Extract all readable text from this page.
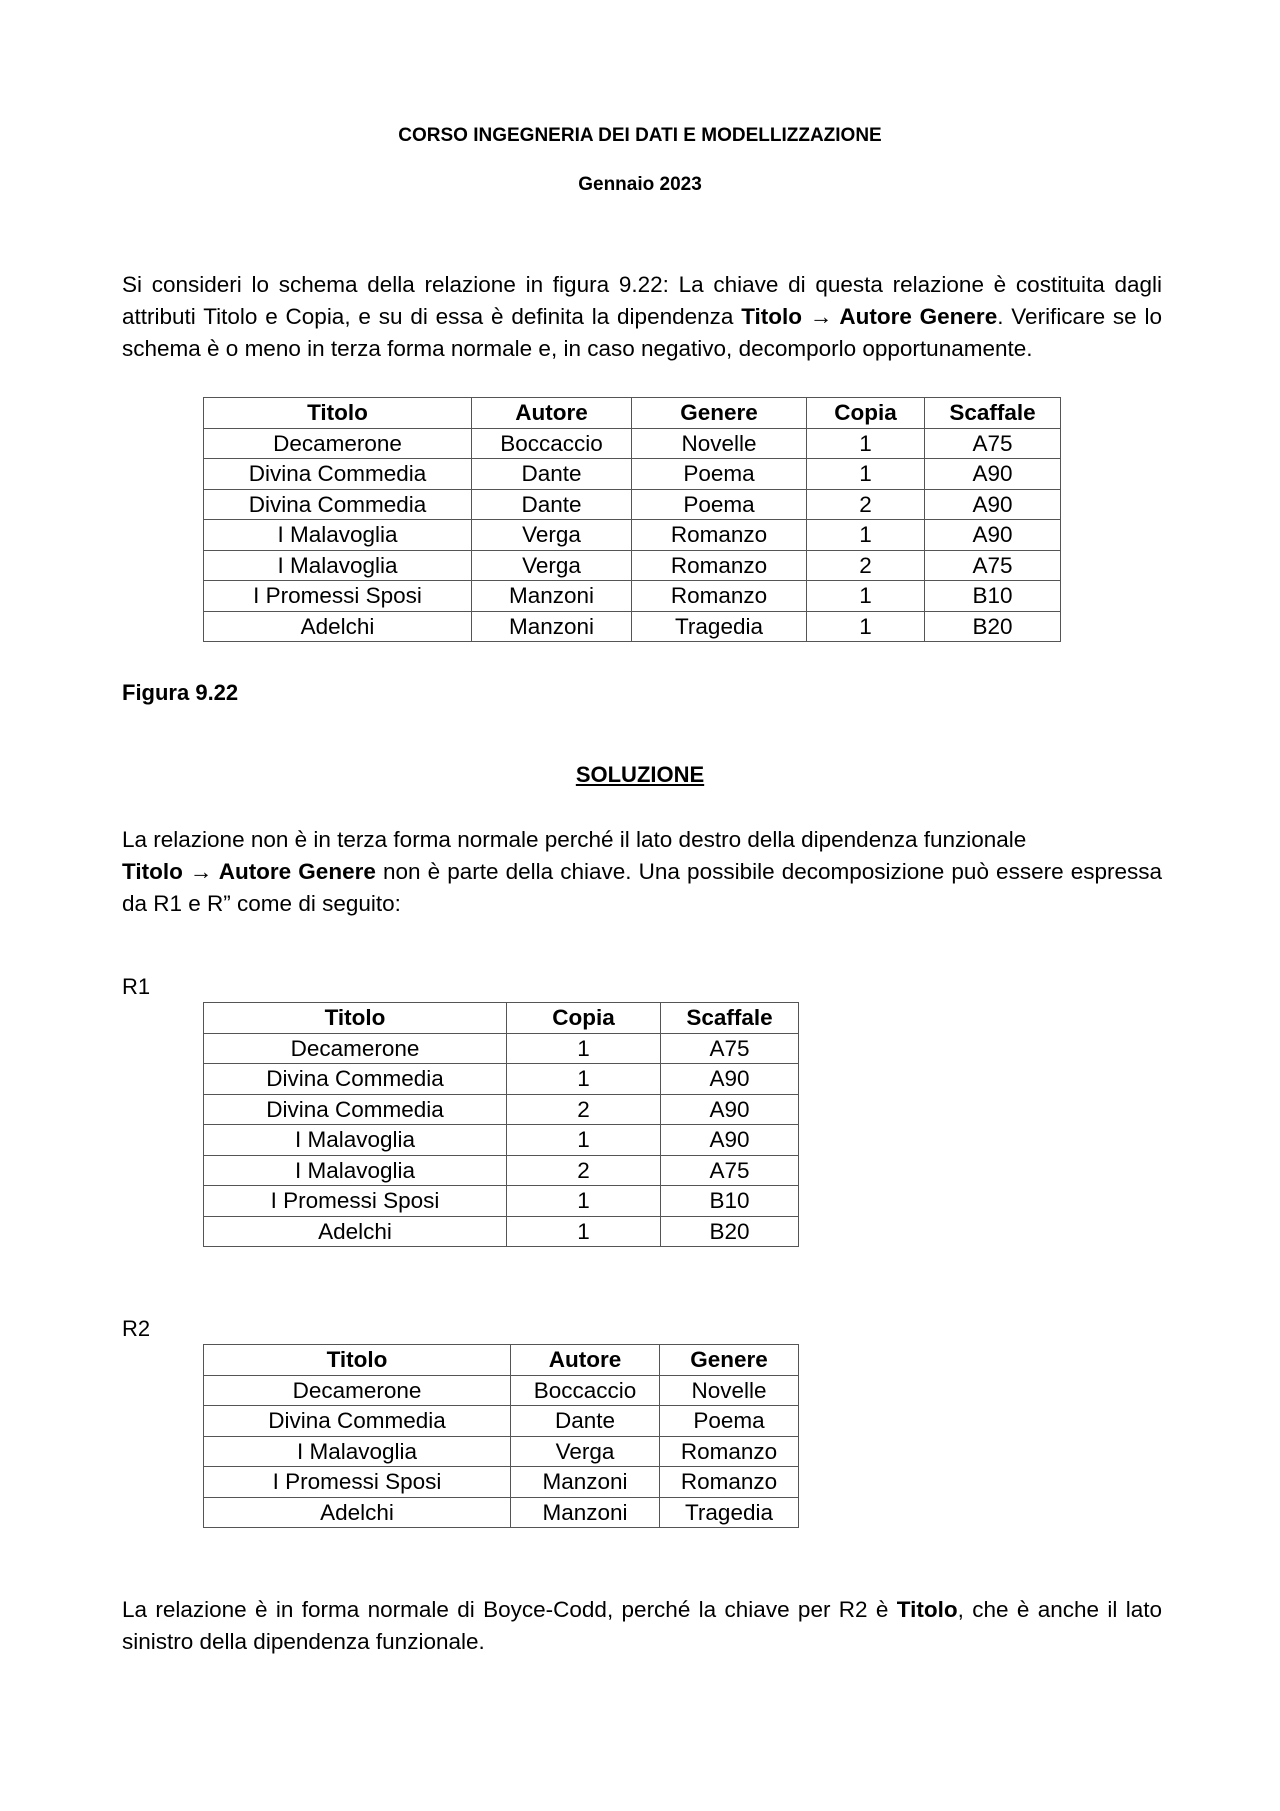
CORSO INGEGNERIA DEI DATI E MODELLIZZAZIONE
Gennaio 2023
Si consideri lo schema della relazione in figura 9.22: La chiave di questa relazione è costituita dagli attributi Titolo e Copia, e su di essa è definita la dipendenza Titolo → Autore Genere. Verificare se lo schema è o meno in terza forma normale e, in caso negativo, decomporlo opportunamente.
Titolo	Autore	Genere	Copia	Scaffale
Decamerone	Boccaccio	Novelle	1	A75
Divina Commedia	Dante	Poema	1	A90
Divina Commedia	Dante	Poema	2	A90
I Malavoglia	Verga	Romanzo	1	A90
I Malavoglia	Verga	Romanzo	2	A75
I Promessi Sposi	Manzoni	Romanzo	1	B10
Adelchi	Manzoni	Tragedia	1	B20
Figura 9.22
SOLUZIONE
La relazione non è in terza forma normale perché il lato destro della dipendenza funzionale
Titolo → Autore Genere non è parte della chiave. Una possibile decomposizione può essere espressa da R1 e R” come di seguito:
R1
Titolo	Copia	Scaffale
Decamerone	1	A75
Divina Commedia	1	A90
Divina Commedia	2	A90
I Malavoglia	1	A90
I Malavoglia	2	A75
I Promessi Sposi	1	B10
Adelchi	1	B20
R2
Titolo	Autore	Genere
Decamerone	Boccaccio	Novelle
Divina Commedia	Dante	Poema
I Malavoglia	Verga	Romanzo
I Promessi Sposi	Manzoni	Romanzo
Adelchi	Manzoni	Tragedia
La relazione è in forma normale di Boyce-Codd, perché la chiave per R2 è Titolo, che è anche il lato sinistro della dipendenza funzionale.
